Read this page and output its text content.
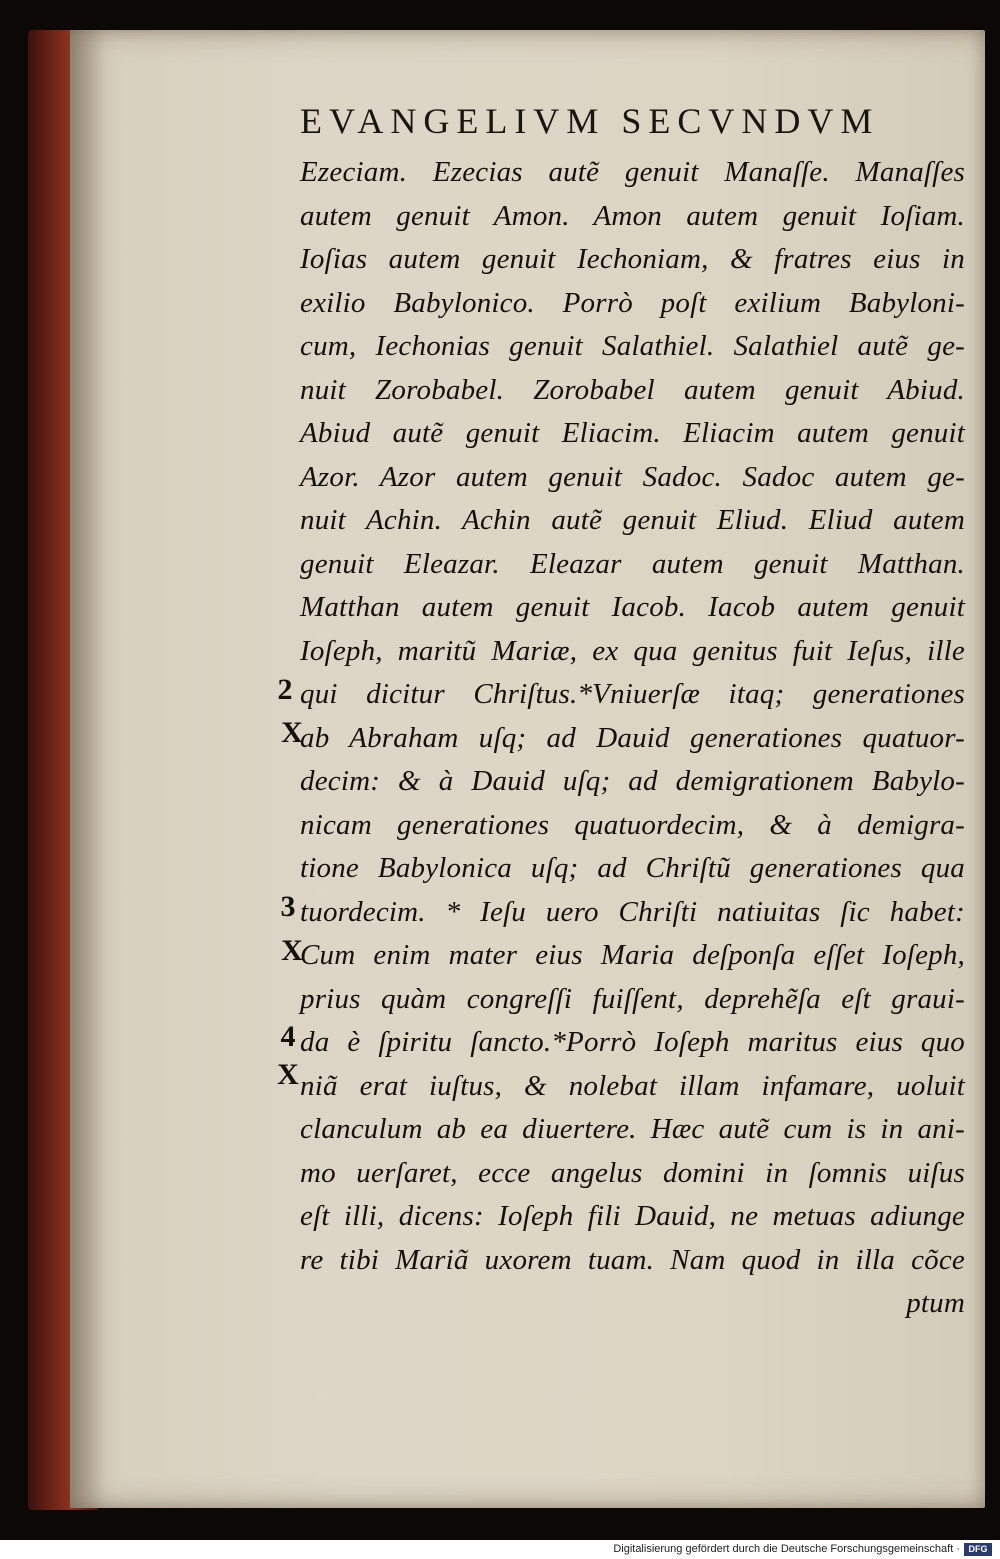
EVANGELIVM SECVNDVM
Ezeciam. Ezecias autẽ genuit Manaſſe. Manaſſes
autem genuit Amon. Amon autem genuit Ioſiam.
Ioſias autem genuit Iechoniam, & fratres eius in
exilio Babylonico. Porrò poſt exilium Babyloni-
cum, Iechonias genuit Salathiel. Salathiel autẽ ge-
nuit Zorobabel. Zorobabel autem genuit Abiud.
Abiud autẽ genuit Eliacim. Eliacim autem genuit
Azor. Azor autem genuit Sadoc. Sadoc autem ge-
nuit Achin. Achin autẽ genuit Eliud. Eliud autem
genuit Eleazar. Eleazar autem genuit Matthan.
Matthan autem genuit Iacob. Iacob autem genuit
Ioſeph, maritũ Mariæ, ex qua genitus fuit Ieſus, ille
qui dicitur Chriſtus.*Vniuerſæ itaq; generationes
ab Abraham uſq; ad Dauid generationes quatuor-
decim: & à Dauid uſq; ad demigrationem Babylo-
nicam generationes quatuordecim, & à demigra-
tione Babylonica uſq; ad Chriſtũ generationes qua
tuordecim. * Ieſu uero Chriſti natiuitas ſic habet:
Cum enim mater eius Maria deſponſa eſſet Ioſeph,
prius quàm congreſſi fuiſſent, deprehẽſa eſt graui-
da è ſpiritu ſancto.*Porrò Ioſeph maritus eius quo
niã erat iuſtus, & nolebat illam infamare, uoluit
clanculum ab ea diuertere. Hæc autẽ cum is in ani-
mo uerſaret, ecce angelus domini in ſomnis uiſus
eſt illi, dicens: Ioſeph fili Dauid, ne metuas adiunge
re tibi Mariã uxorem tuam. Nam quod in illa cõce
ptum
2
X
3
X
4
X
Digitalisierung gefördert durch die Deutsche Forschungsgemeinschaft · DFG
